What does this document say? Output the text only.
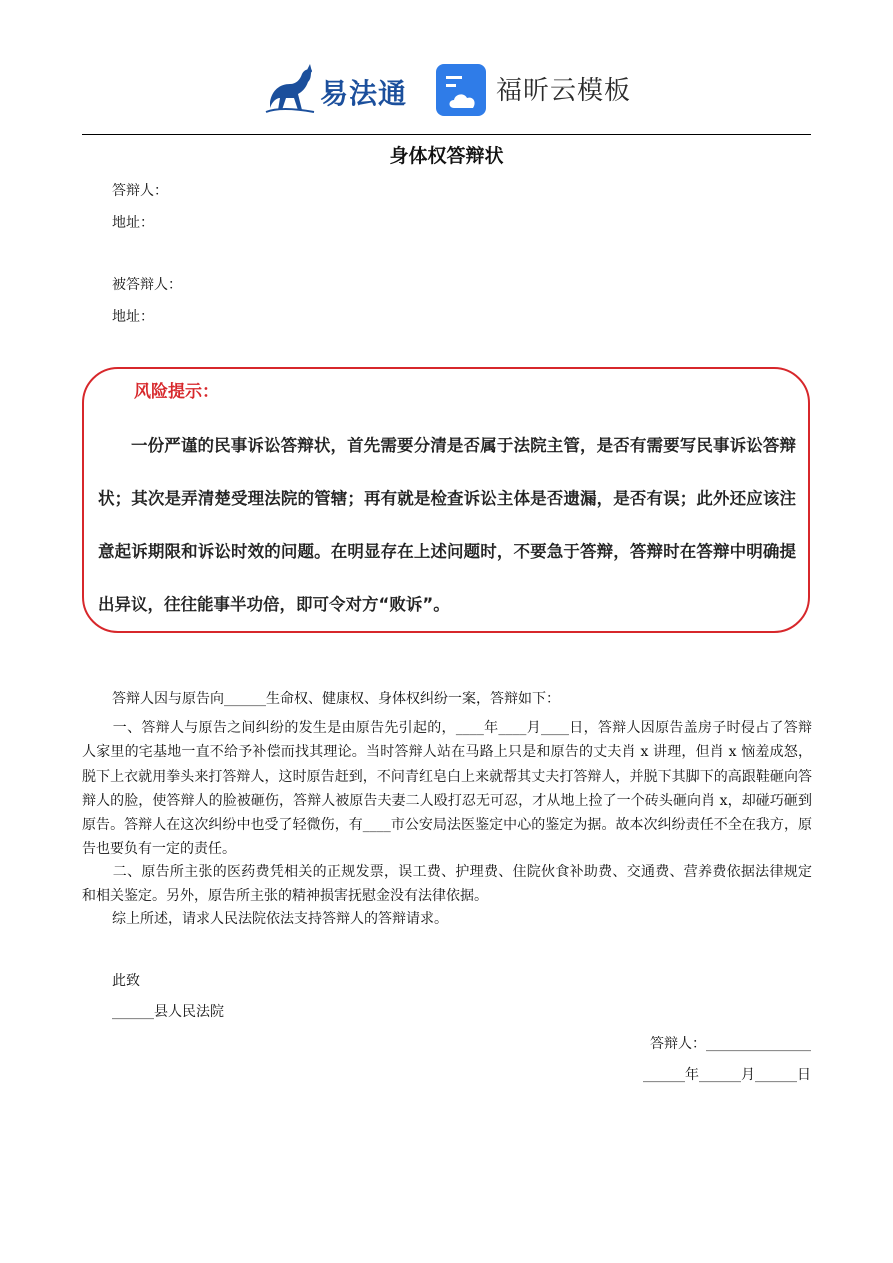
易法通	福昕云模板
身体权答辩状
答辩人：
地址：
被答辩人：
地址：
风险提示：
一份严谨的民事诉讼答辩状，首先需要分清是否属于法院主管，是否有需要写民事诉讼答辩状；其次是弄清楚受理法院的管辖；再有就是检查诉讼主体是否遗漏，是否有误；此外还应该注意起诉期限和诉讼时效的问题。在明显存在上述问题时，不要急于答辩，答辩时在答辩中明确提出异议，往往能事半功倍，即可令对方“败诉”。
答辩人因与原告向______生命权、健康权、身体权纠纷一案，答辩如下：
一、答辩人与原告之间纠纷的发生是由原告先引起的，____年____月____日，答辩人因原告盖房子时侵占了答辩人家里的宅基地一直不给予补偿而找其理论。当时答辩人站在马路上只是和原告的丈夫肖 x 讲理，但肖 x 恼羞成怒，脱下上衣就用拳头来打答辩人，这时原告赶到，不问青红皂白上来就帮其丈夫打答辩人，并脱下其脚下的高跟鞋砸向答辩人的脸，使答辩人的脸被砸伤，答辩人被原告夫妻二人殴打忍无可忍，才从地上捡了一个砖头砸向肖 x，却碰巧砸到原告。答辩人在这次纠纷中也受了轻微伤，有____市公安局法医鉴定中心的鉴定为据。故本次纠纷责任不全在我方，原告也要负有一定的责任。
二、原告所主张的医药费凭相关的正规发票，误工费、护理费、住院伙食补助费、交通费、营养费依据法律规定和相关鉴定。另外，原告所主张的精神损害抚慰金没有法律依据。
综上所述，请求人民法院依法支持答辩人的答辩请求。
此致
______县人民法院
答辩人：_______________
______年______月______日
